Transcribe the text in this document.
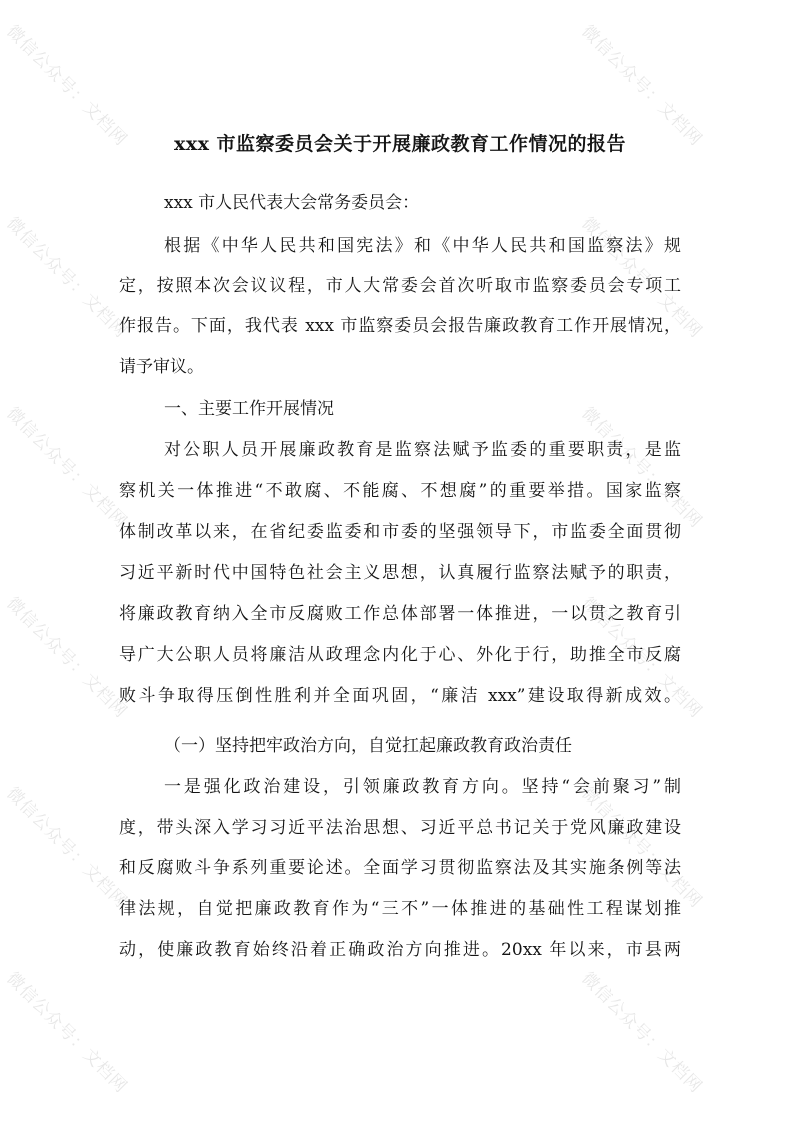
微信公众号：文档网	微信公众号：文档网
微信公众号：文档网	微信公众号：文档网
微信公众号：文档网	微信公众号：文档网
微信公众号：文档网	微信公众号：文档网
微信公众号：文档网	微信公众号：文档网
微信公众号：文档网	微信公众号：文档网
xxx 市监察委员会关于开展廉政教育工作情况的报告
xxx 市人民代表大会常务委员会：
根据《中华人民共和国宪法》和《中华人民共和国监察法》规
定，按照本次会议议程，市人大常委会首次听取市监察委员会专项工
作报告。下面，我代表 xxx 市监察委员会报告廉政教育工作开展情况，
请予审议。
一、主要工作开展情况
对公职人员开展廉政教育是监察法赋予监委的重要职责，是监
察机关一体推进“不敢腐、不能腐、不想腐”的重要举措。国家监察
体制改革以来，在省纪委监委和市委的坚强领导下，市监委全面贯彻
习近平新时代中国特色社会主义思想，认真履行监察法赋予的职责，
将廉政教育纳入全市反腐败工作总体部署一体推进，一以贯之教育引
导广大公职人员将廉洁从政理念内化于心、外化于行，助推全市反腐
败斗争取得压倒性胜利并全面巩固，“廉洁 xxx”建设取得新成效。
（一）坚持把牢政治方向，自觉扛起廉政教育政治责任
一是强化政治建设，引领廉政教育方向。坚持“会前聚习”制
度，带头深入学习习近平法治思想、习近平总书记关于党风廉政建设
和反腐败斗争系列重要论述。全面学习贯彻监察法及其实施条例等法
律法规，自觉把廉政教育作为“三不”一体推进的基础性工程谋划推
动，使廉政教育始终沿着正确政治方向推进。20xx 年以来，市县两
